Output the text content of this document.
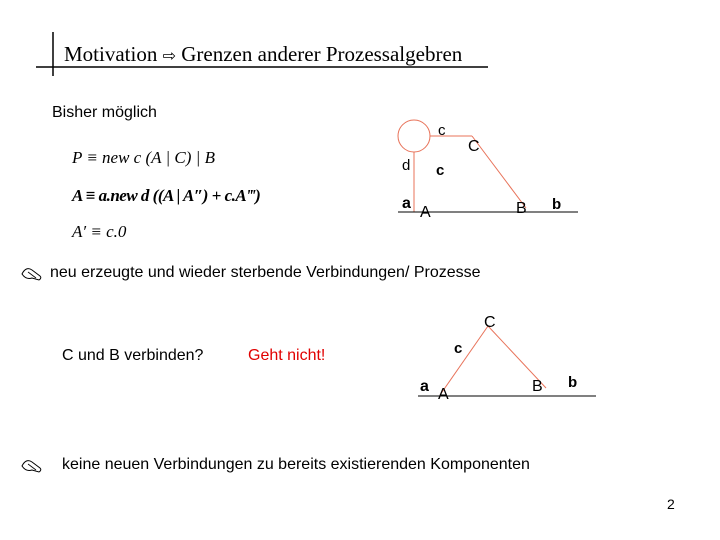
Motivation ⇨ Grenzen anderer Prozessalgebren
Bisher möglich
P ≡ new c (A | C) | B
A ≡ a.new d ((A | A″) + c.A‴)
A′ ≡ c.0
c
C
d c
a
A	B b
neu erzeugte und wieder sterbende Verbindungen/ Prozesse
C
C und B verbinden?	Geht nicht!	c
a A	B b
keine neuen Verbindungen zu bereits existierenden Komponenten
2
